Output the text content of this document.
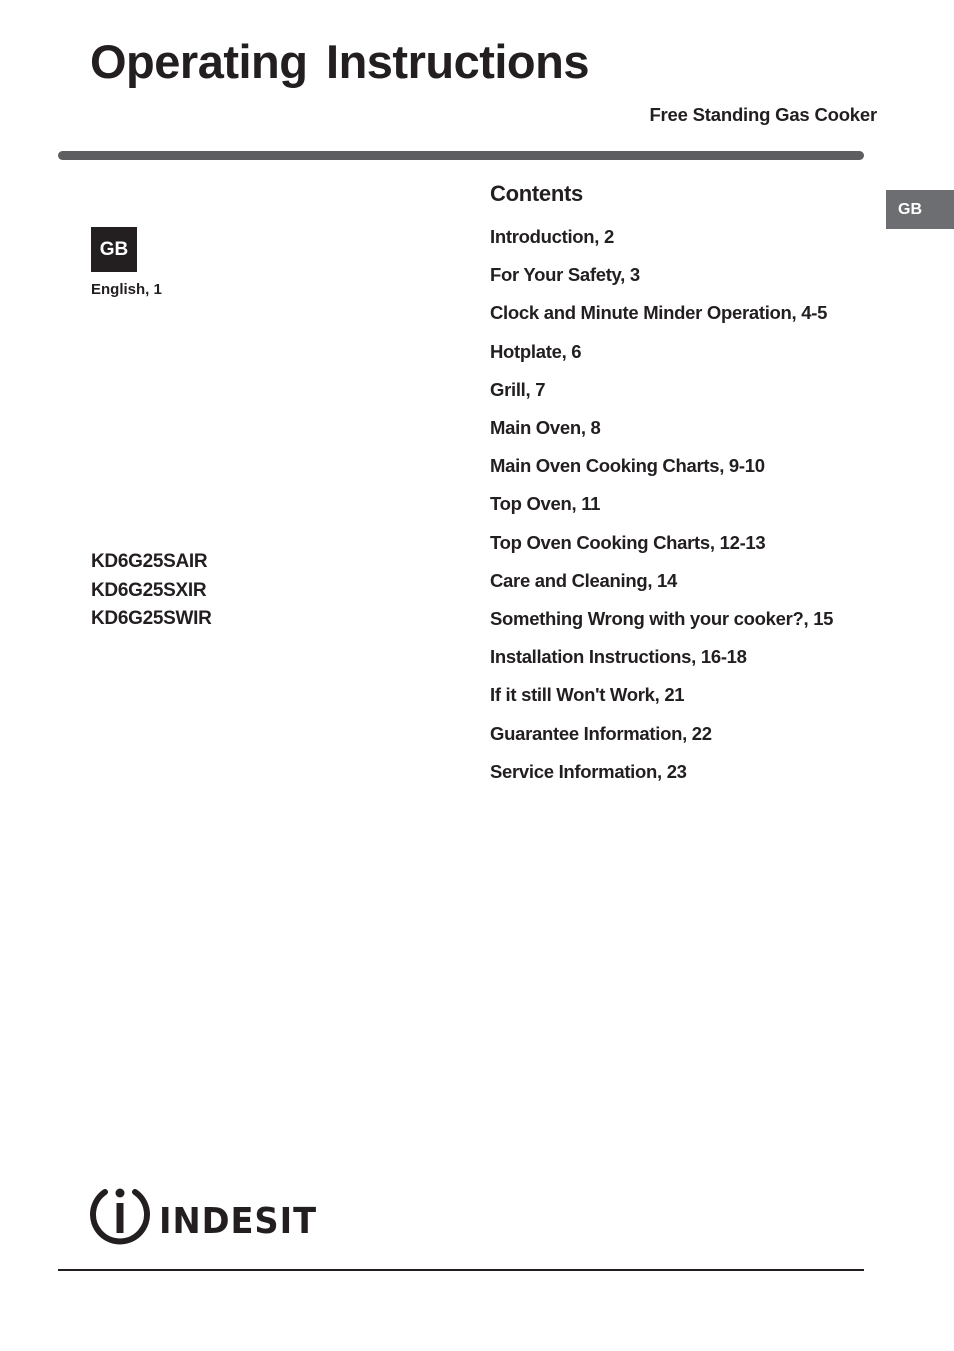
Operating Instructions
Free Standing Gas Cooker
GB
GB
English, 1
KD6G25SAIR
KD6G25SXIR
KD6G25SWIR
Contents
Introduction, 2
For Your Safety, 3
Clock and Minute Minder Operation, 4-5
Hotplate, 6
Grill, 7
Main Oven, 8
Main Oven Cooking Charts, 9-10
Top Oven, 11
Top Oven Cooking Charts, 12-13
Care and Cleaning, 14
Something Wrong with your cooker?, 15
Installation Instructions, 16-18
If it still Won't Work, 21
Guarantee Information, 22
Service Information, 23
INDESIT
